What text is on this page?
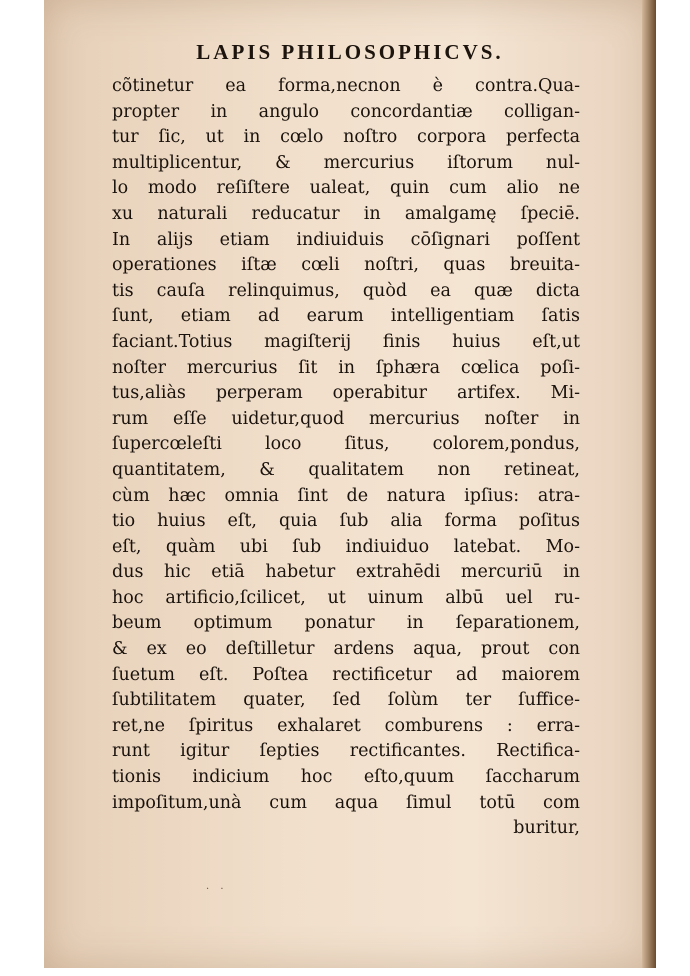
LAPIS PHILOSOPHICVS.
· ·
cõtinetur ea forma,necnon è contra.Qua-
propter in angulo concordantiæ colligan-
tur ſic, ut in cœlo noſtro corpora perfecta
multiplicentur, & mercurius iſtorum nul-
lo modo reſiſtere ualeat, quin cum alio ne
xu naturali reducatur in amalgamę ſpeciē.
In alijs etiam indiuiduis cōſignari poſſent
operationes iſtæ cœli noſtri, quas breuita-
tis cauſa relinquimus, quòd ea quæ dicta
ſunt, etiam ad earum intelligentiam ſatis
faciant.Totius magiſterij finis huius eſt,ut
noſter mercurius ſit in ſphæra cœlica poſi-
tus,aliàs perperam operabitur artifex. Mi-
rum eſſe uidetur,quod mercurius noſter in
ſupercœleſti loco ſitus, colorem,pondus,
quantitatem, & qualitatem non retineat,
cùm hæc omnia ſint de natura ipſius: atra-
tio huius eſt, quia ſub alia forma poſitus
eſt, quàm ubi ſub indiuiduo latebat. Mo-
dus hic etiā habetur extrahēdi mercuriū in
hoc artificio,ſcilicet, ut uinum albū uel ru-
beum optimum ponatur in ſeparationem,
& ex eo deſtilletur ardens aqua, prout con
ſuetum eſt. Poſtea rectificetur ad maiorem
ſubtilitatem quater, ſed ſolùm ter ſuffice-
ret,ne ſpiritus exhalaret comburens : erra-
runt igitur ſepties rectificantes. Rectifica-
tionis indicium hoc eſto,quum ſaccharum
impoſitum,unà cum aqua ſimul totū com
buritur,
